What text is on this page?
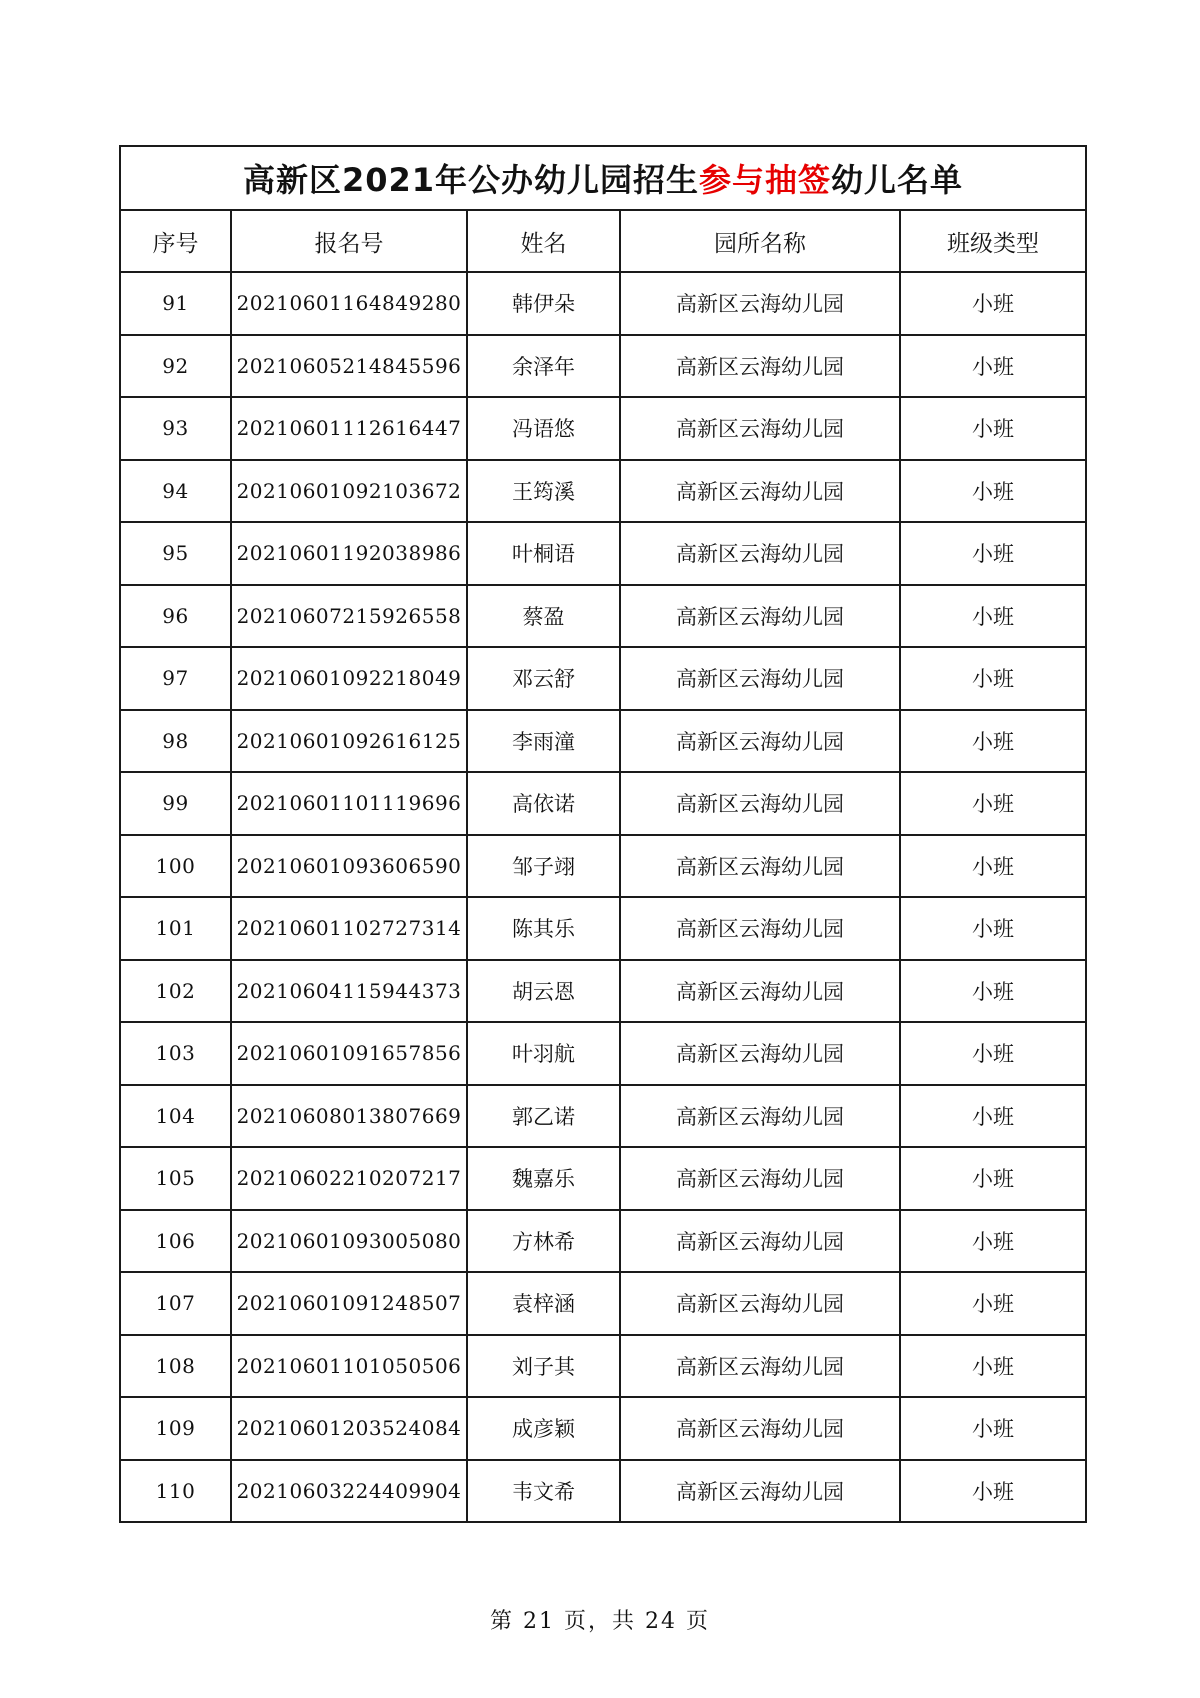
高新区2021年公办幼儿园招生 参与抽签 幼儿名单
序号	报名号	姓名	园所名称	班级类型
91	20210601164849280	韩伊朵	高新区云海幼儿园	小班
92	20210605214845596	余泽年	高新区云海幼儿园	小班
93	20210601112616447	冯语悠	高新区云海幼儿园	小班
94	20210601092103672	王筠溪	高新区云海幼儿园	小班
95	20210601192038986	叶桐语	高新区云海幼儿园	小班
96	20210607215926558	蔡盈	高新区云海幼儿园	小班
97	20210601092218049	邓云舒	高新区云海幼儿园	小班
98	20210601092616125	李雨潼	高新区云海幼儿园	小班
99	20210601101119696	高依诺	高新区云海幼儿园	小班
100	20210601093606590	邹子翊	高新区云海幼儿园	小班
101	20210601102727314	陈其乐	高新区云海幼儿园	小班
102	20210604115944373	胡云恩	高新区云海幼儿园	小班
103	20210601091657856	叶羽航	高新区云海幼儿园	小班
104	20210608013807669	郭乙诺	高新区云海幼儿园	小班
105	20210602210207217	魏嘉乐	高新区云海幼儿园	小班
106	20210601093005080	方林希	高新区云海幼儿园	小班
107	20210601091248507	袁梓涵	高新区云海幼儿园	小班
108	20210601101050506	刘子其	高新区云海幼儿园	小班
109	20210601203524084	成彦颖	高新区云海幼儿园	小班
110	20210603224409904	韦文希	高新区云海幼儿园	小班
第 21 页，共 24 页
